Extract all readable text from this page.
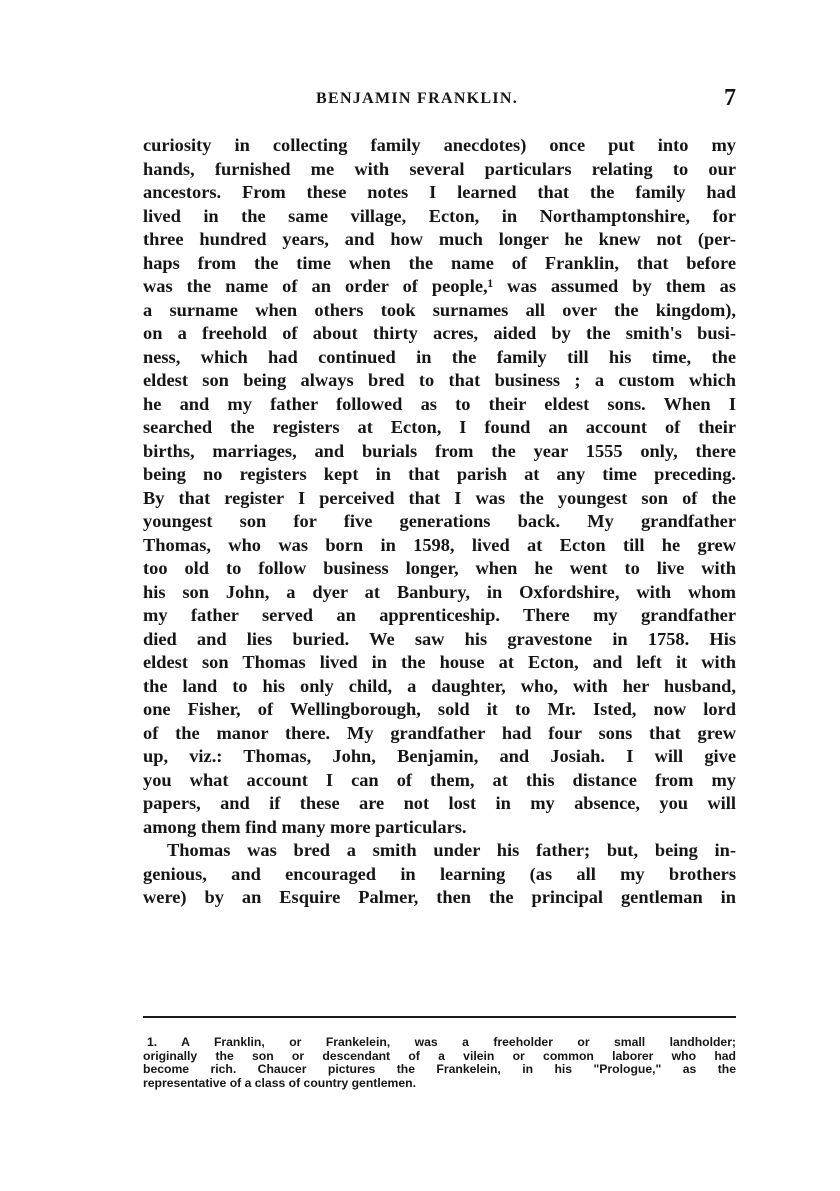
BENJAMIN FRANKLIN.	7
curiosity in collecting family anecdotes) once put into my
hands, furnished me with several particulars relating to our
ancestors. From these notes I learned that the family had
lived in the same village, Ecton, in Northamptonshire, for
three hundred years, and how much longer he knew not (per-
haps from the time when the name of Franklin, that before
was the name of an order of people,¹ was assumed by them as
a surname when others took surnames all over the kingdom),
on a freehold of about thirty acres, aided by the smith's busi-
ness, which had continued in the family till his time, the
eldest son being always bred to that business ; a custom which
he and my father followed as to their eldest sons. When I
searched the registers at Ecton, I found an account of their
births, marriages, and burials from the year 1555 only, there
being no registers kept in that parish at any time preceding.
By that register I perceived that I was the youngest son of the
youngest son for five generations back. My grandfather
Thomas, who was born in 1598, lived at Ecton till he grew
too old to follow business longer, when he went to live with
his son John, a dyer at Banbury, in Oxfordshire, with whom
my father served an apprenticeship. There my grandfather
died and lies buried. We saw his gravestone in 1758. His
eldest son Thomas lived in the house at Ecton, and left it with
the land to his only child, a daughter, who, with her husband,
one Fisher, of Wellingborough, sold it to Mr. Isted, now lord
of the manor there. My grandfather had four sons that grew
up, viz.: Thomas, John, Benjamin, and Josiah. I will give
you what account I can of them, at this distance from my
papers, and if these are not lost in my absence, you will
among them find many more particulars.
Thomas was bred a smith under his father; but, being in-
genious, and encouraged in learning (as all my brothers
were) by an Esquire Palmer, then the principal gentleman in
1. A Franklin, or Frankelein, was a freeholder or small landholder;
originally the son or descendant of a vilein or common laborer who had
become rich. Chaucer pictures the Frankelein, in his "Prologue," as the
representative of a class of country gentlemen.
